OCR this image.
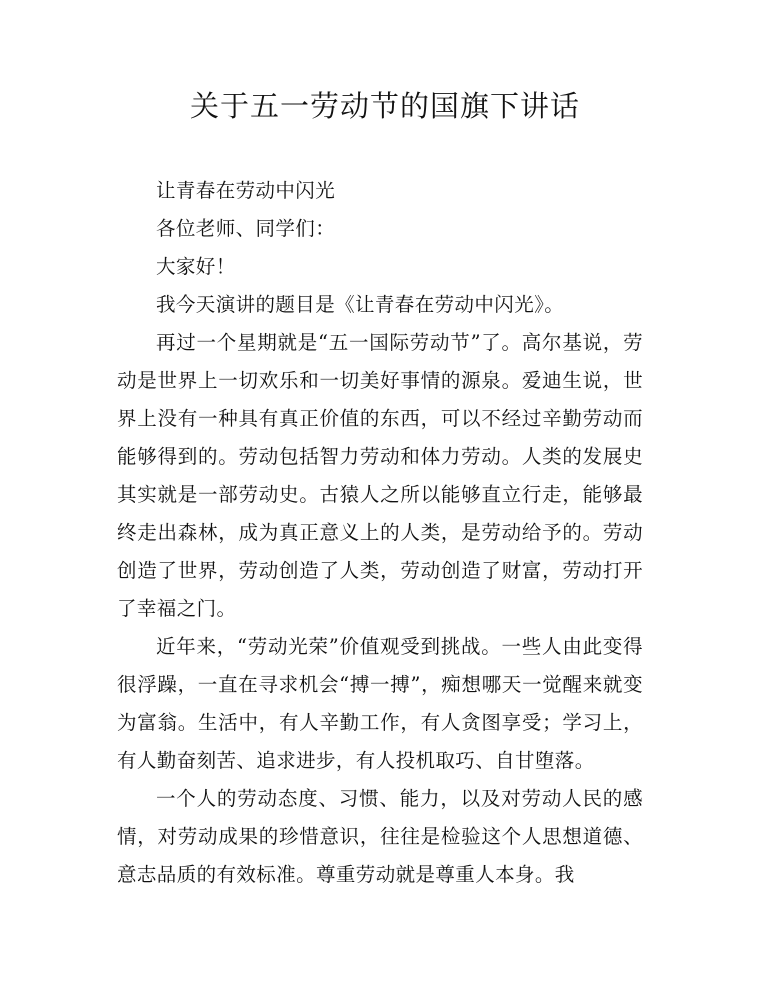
关于五一劳动节的国旗下讲话

让青春在劳动中闪光

各位老师、同学们：

大家好！

我今天演讲的题目是《让青春在劳动中闪光》。

再过一个星期就是“五一国际劳动节”了。高尔基说，劳动是世界上一切欢乐和一切美好事情的源泉。爱迪生说，世界上没有一种具有真正价值的东西，可以不经过辛勤劳动而能够得到的。劳动包括智力劳动和体力劳动。人类的发展史其实就是一部劳动史。古猿人之所以能够直立行走，能够最终走出森林，成为真正意义上的人类，是劳动给予的。劳动创造了世界，劳动创造了人类，劳动创造了财富，劳动打开了幸福之门。

近年来，“劳动光荣”价值观受到挑战。一些人由此变得很浮躁，一直在寻求机会“搏一搏”，痴想哪天一觉醒来就变为富翁。生活中，有人辛勤工作，有人贪图享受；学习上，有人勤奋刻苦、追求进步，有人投机取巧、自甘堕落。

一个人的劳动态度、习惯、能力，以及对劳动人民的感情，对劳动成果的珍惜意识，往往是检验这个人思想道德、意志品质的有效标准。尊重劳动就是尊重人本身。我
